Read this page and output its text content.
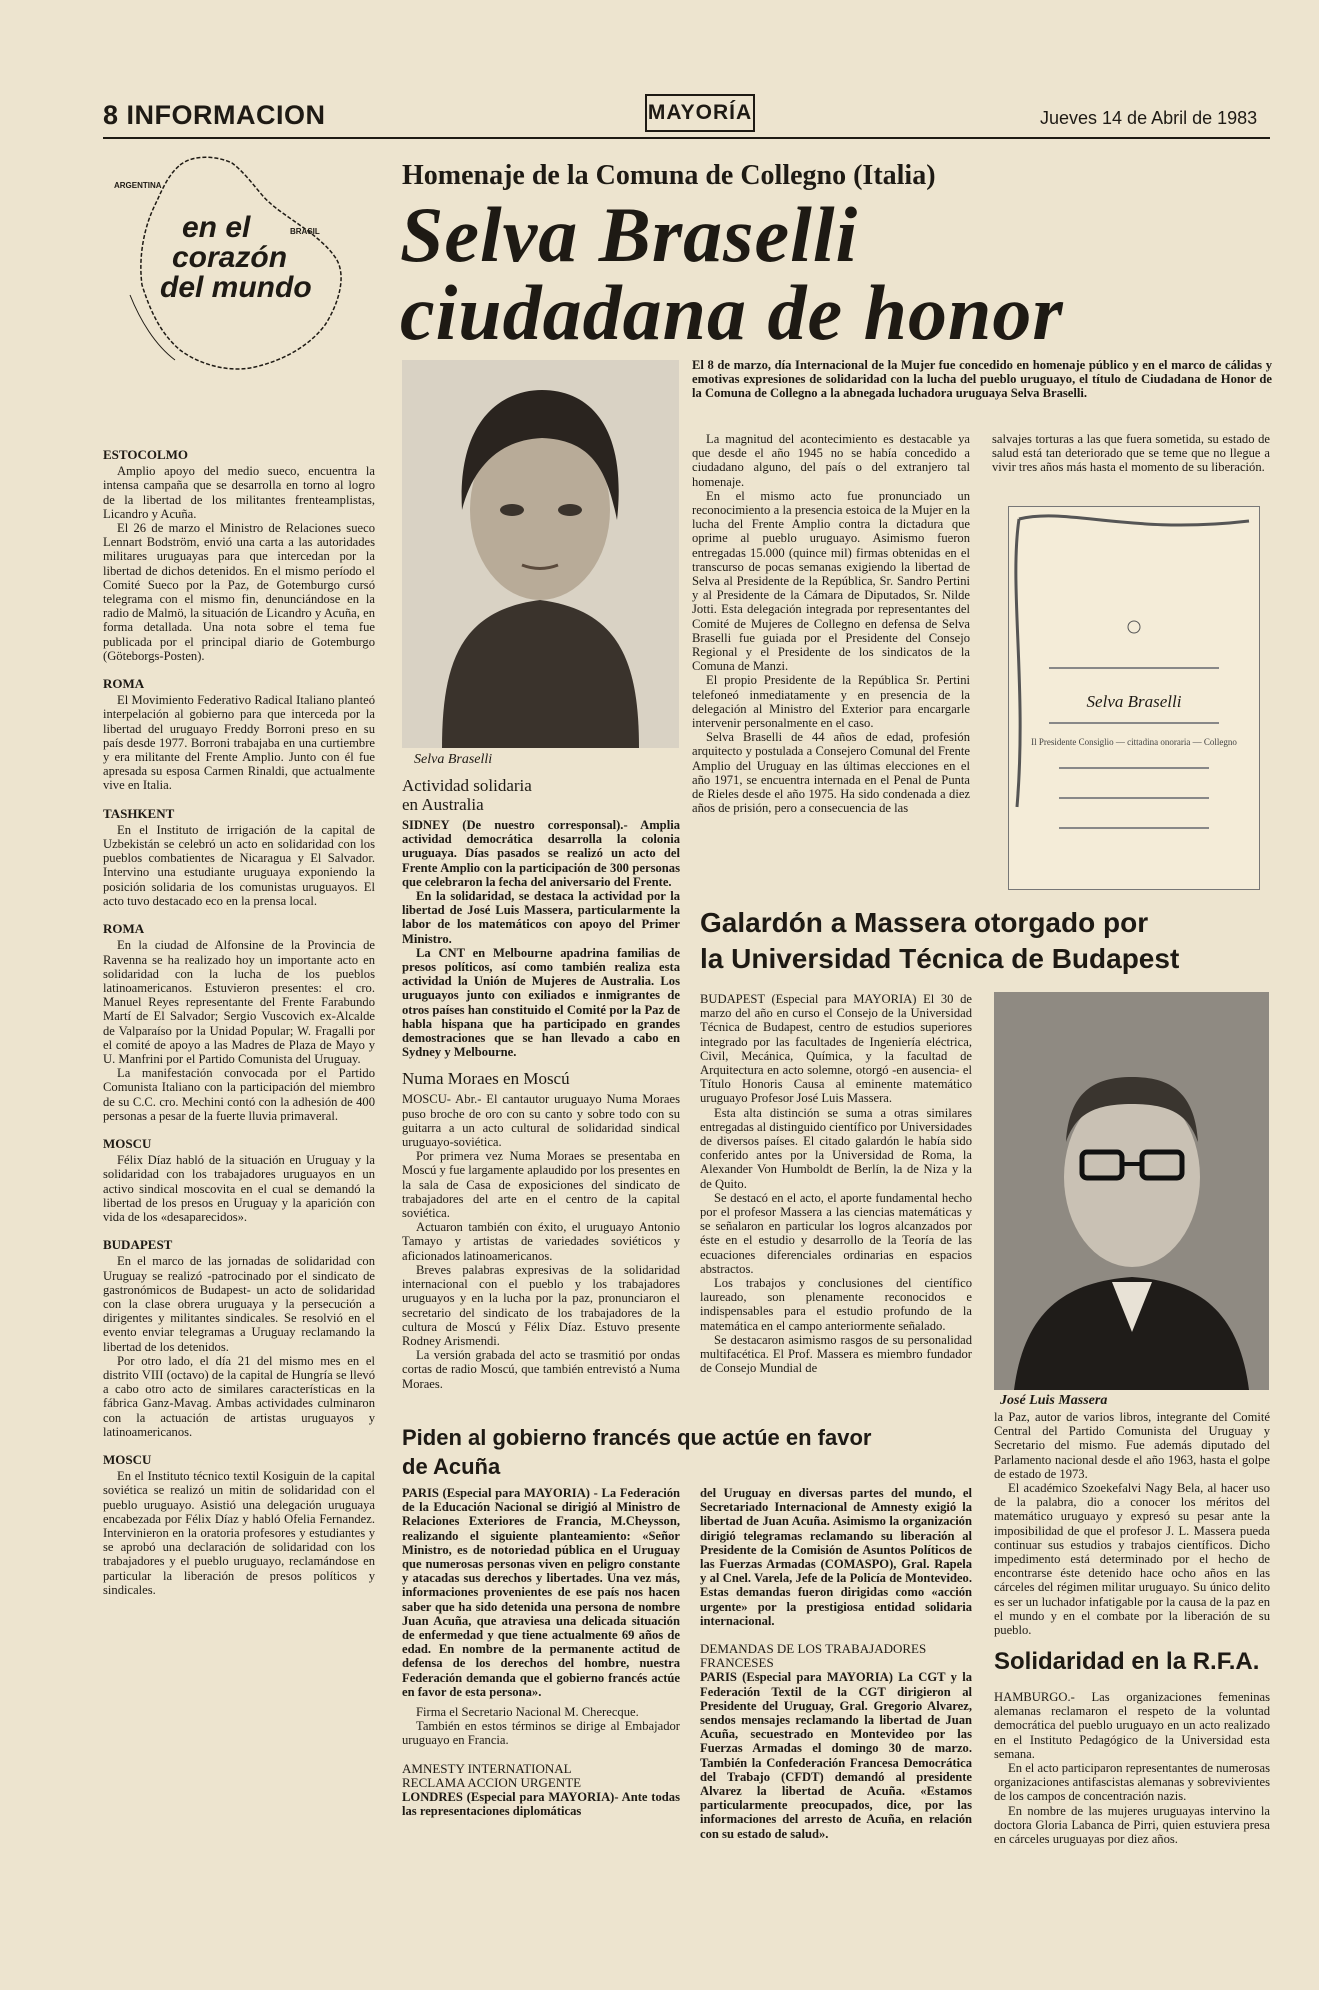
8 INFORMACION	MAYORÍA	Jueves 14 de Abril de 1983
ARGENTINA
BRASIL
en el
corazón
del mundo
Homenaje de la Comuna de Collegno (Italia)
Selva Braselli
ciudadana de honor
El 8 de marzo, día Internacional de la Mujer fue concedido en homenaje público y en el marco de cálidas y emotivas expresiones de solidaridad con la lucha del pueblo uruguayo, el título de Ciudadana de Honor de la Comuna de Collegno a la abnegada luchadora uruguaya Selva Braselli.
ESTOCOLMO

Amplio apoyo del medio sueco, encuentra la intensa campaña que se desarrolla en torno al logro de la libertad de los militantes frenteamplistas, Licandro y Acuña.

El 26 de marzo el Ministro de Relaciones sueco Lennart Bodström, envió una carta a las autoridades militares uruguayas para que intercedan por la libertad de dichos detenidos. En el mismo período el Comité Sueco por la Paz, de Gotemburgo cursó telegrama con el mismo fin, denunciándose en la radio de Malmö, la situación de Licandro y Acuña, en forma detallada. Una nota sobre el tema fue publicada por el principal diario de Gotemburgo (Göteborgs-Posten).

ROMA

El Movimiento Federativo Radical Italiano planteó interpelación al gobierno para que interceda por la libertad del uruguayo Freddy Borroni preso en su país desde 1977. Borroni trabajaba en una curtiembre y era militante del Frente Amplio. Junto con él fue apresada su esposa Carmen Rinaldi, que actualmente vive en Italia.

TASHKENT

En el Instituto de irrigación de la capital de Uzbekistán se celebró un acto en solidaridad con los pueblos combatientes de Nicaragua y El Salvador. Intervino una estudiante uruguaya exponiendo la posición solidaria de los comunistas uruguayos. El acto tuvo destacado eco en la prensa local.

ROMA

En la ciudad de Alfonsine de la Provincia de Ravenna se ha realizado hoy un importante acto en solidaridad con la lucha de los pueblos latinoamericanos. Estuvieron presentes: el cro. Manuel Reyes representante del Frente Farabundo Martí de El Salvador; Sergio Vuscovich ex-Alcalde de Valparaíso por la Unidad Popular; W. Fragalli por el comité de apoyo a las Madres de Plaza de Mayo y U. Manfrini por el Partido Comunista del Uruguay.

La manifestación convocada por el Partido Comunista Italiano con la participación del miembro de su C.C. cro. Mechini contó con la adhesión de 400 personas a pesar de la fuerte lluvia primaveral.

MOSCU

Félix Díaz habló de la situación en Uruguay y la solidaridad con los trabajadores uruguayos en un activo sindical moscovita en el cual se demandó la libertad de los presos en Uruguay y la aparición con vida de los «desaparecidos».

BUDAPEST

En el marco de las jornadas de solidaridad con Uruguay se realizó -patrocinado por el sindicato de gastronómicos de Budapest- un acto de solidaridad con la clase obrera uruguaya y la persecución a dirigentes y militantes sindicales. Se resolvió en el evento enviar telegramas a Uruguay reclamando la libertad de los detenidos.

Por otro lado, el día 21 del mismo mes en el distrito VIII (octavo) de la capital de Hungría se llevó a cabo otro acto de similares características en la fábrica Ganz-Mavag. Ambas actividades culminaron con la actuación de artistas uruguayos y latinoamericanos.

MOSCU

En el Instituto técnico textil Kosiguin de la capital soviética se realizó un mitin de solidaridad con el pueblo uruguayo. Asistió una delegación uruguaya encabezada por Félix Díaz y habló Ofelia Fernandez. Intervinieron en la oratoria profesores y estudiantes y se aprobó una declaración de solidaridad con los trabajadores y el pueblo uruguayo, reclamándose en particular la liberación de presos políticos y sindicales.

Selva Braselli
Actividad solidaria
en Australia

SIDNEY (De nuestro corresponsal).- Amplia actividad democrática desarrolla la colonia uruguaya. Días pasados se realizó un acto del Frente Amplio con la participación de 300 personas que celebraron la fecha del aniversario del Frente.

En la solidaridad, se destaca la actividad por la libertad de José Luis Massera, particularmente la labor de los matemáticos con apoyo del Primer Ministro.

La CNT en Melbourne apadrina familias de presos políticos, así como también realiza esta actividad la Unión de Mujeres de Australia. Los uruguayos junto con exiliados e inmigrantes de otros países han constituido el Comité por la Paz de habla hispana que ha participado en grandes demostraciones que se han llevado a cabo en Sydney y Melbourne.

Numa Moraes en Moscú

MOSCU- Abr.- El cantautor uruguayo Numa Moraes puso broche de oro con su canto y sobre todo con su guitarra a un acto cultural de solidaridad sindical uruguayo-soviética.

Por primera vez Numa Moraes se presentaba en Moscú y fue largamente aplaudido por los presentes en la sala de Casa de exposiciones del sindicato de trabajadores del arte en el centro de la capital soviética.

Actuaron también con éxito, el uruguayo Antonio Tamayo y artistas de variedades soviéticos y aficionados latinoamericanos.

Breves palabras expresivas de la solidaridad internacional con el pueblo y los trabajadores uruguayos y en la lucha por la paz, pronunciaron el secretario del sindicato de los trabajadores de la cultura de Moscú y Félix Díaz. Estuvo presente Rodney Arismendi.

La versión grabada del acto se trasmitió por ondas cortas de radio Moscú, que también entrevistó a Numa Moraes.

La magnitud del acontecimiento es destacable ya que desde el año 1945 no se había concedido a ciudadano alguno, del país o del extranjero tal homenaje.

En el mismo acto fue pronunciado un reconocimiento a la presencia estoica de la Mujer en la lucha del Frente Amplio contra la dictadura que oprime al pueblo uruguayo. Asimismo fueron entregadas 15.000 (quince mil) firmas obtenidas en el transcurso de pocas semanas exigiendo la libertad de Selva al Presidente de la República, Sr. Sandro Pertini y al Presidente de la Cámara de Diputados, Sr. Nilde Jotti. Esta delegación integrada por representantes del Comité de Mujeres de Collegno en defensa de Selva Braselli fue guiada por el Presidente del Consejo Regional y el Presidente de los sindicatos de la Comuna de Manzi.

El propio Presidente de la República Sr. Pertini telefoneó inmediatamente y en presencia de la delegación al Ministro del Exterior para encargarle intervenir personalmente en el caso.

Selva Braselli de 44 años de edad, profesión arquitecto y postulada a Consejero Comunal del Frente Amplio del Uruguay en las últimas elecciones en el año 1971, se encuentra internada en el Penal de Punta de Rieles desde el año 1975. Ha sido condenada a diez años de prisión, pero a consecuencia de las

salvajes torturas a las que fuera sometida, su estado de salud está tan deteriorado que se teme que no llegue a vivir tres años más hasta el momento de su liberación.

Selva Braselli
Il Presidente Consiglio — cittadina onoraria — Collegno
Galardón a Massera otorgado por
la Universidad Técnica de Budapest

BUDAPEST (Especial para MAYORIA) El 30 de marzo del año en curso el Consejo de la Universidad Técnica de Budapest, centro de estudios superiores integrado por las facultades de Ingeniería eléctrica, Civil, Mecánica, Química, y la facultad de Arquitectura en acto solemne, otorgó -en ausencia- el Título Honoris Causa al eminente matemático uruguayo Profesor José Luis Massera.

Esta alta distinción se suma a otras similares entregadas al distinguido científico por Universidades de diversos países. El citado galardón le había sido conferido antes por la Universidad de Roma, la Alexander Von Humboldt de Berlín, la de Niza y la de Quito.

Se destacó en el acto, el aporte fundamental hecho por el profesor Massera a las ciencias matemáticas y se señalaron en particular los logros alcanzados por éste en el estudio y desarrollo de la Teoría de las ecuaciones diferenciales ordinarias en espacios abstractos.

Los trabajos y conclusiones del científico laureado, son plenamente reconocidos e indispensables para el estudio profundo de la matemática en el campo anteriormente señalado.

Se destacaron asimismo rasgos de su personalidad multifacética. El Prof. Massera es miembro fundador de Consejo Mundial de

José Luis Massera

la Paz, autor de varios libros, integrante del Comité Central del Partido Comunista del Uruguay y Secretario del mismo. Fue además diputado del Parlamento nacional desde el año 1963, hasta el golpe de estado de 1973.

El académico Szoekefalvi Nagy Bela, al hacer uso de la palabra, dio a conocer los méritos del matemático uruguayo y expresó su pesar ante la imposibilidad de que el profesor J. L. Massera pueda continuar sus estudios y trabajos científicos. Dicho impedimento está determinado por el hecho de encontrarse éste detenido hace ocho años en las cárceles del régimen militar uruguayo. Su único delito es ser un luchador infatigable por la causa de la paz en el mundo y en el combate por la liberación de su pueblo.

Piden al gobierno francés que actúe en favor
de Acuña

PARIS (Especial para MAYORIA) - La Federación de la Educación Nacional se dirigió al Ministro de Relaciones Exteriores de Francia, M.Cheysson, realizando el siguiente planteamiento: «Señor Ministro, es de notoriedad pública en el Uruguay que numerosas personas viven en peligro constante y atacadas sus derechos y libertades. Una vez más, informaciones provenientes de ese país nos hacen saber que ha sido detenida una persona de nombre Juan Acuña, que atraviesa una delicada situación de enfermedad y que tiene actualmente 69 años de edad. En nombre de la permanente actitud de defensa de los derechos del hombre, nuestra Federación demanda que el gobierno francés actúe en favor de esta persona».

Firma el Secretario Nacional M. Cherecque.

También en estos términos se dirige al Embajador uruguayo en Francia.

AMNESTY INTERNATIONAL
RECLAMA ACCION URGENTE

LONDRES (Especial para MAYORIA)- Ante todas las representaciones diplomáticas

del Uruguay en diversas partes del mundo, el Secretariado Internacional de Amnesty exigió la libertad de Juan Acuña. Asimismo la organización dirigió telegramas reclamando su liberación al Presidente de la Comisión de Asuntos Políticos de las Fuerzas Armadas (COMASPO), Gral. Rapela y al Cnel. Varela, Jefe de la Policía de Montevideo. Estas demandas fueron dirigidas como «acción urgente» por la prestigiosa entidad solidaria internacional.

DEMANDAS DE LOS TRABAJADORES
FRANCESES

PARIS (Especial para MAYORIA) La CGT y la Federación Textil de la CGT dirigieron al Presidente del Uruguay, Gral. Gregorio Alvarez, sendos mensajes reclamando la libertad de Juan Acuña, secuestrado en Montevideo por las Fuerzas Armadas el domingo 30 de marzo. También la Confederación Francesa Democrática del Trabajo (CFDT) demandó al presidente Alvarez la libertad de Acuña. «Estamos particularmente preocupados, dice, por las informaciones del arresto de Acuña, en relación con su estado de salud».

Solidaridad en la R.F.A.

HAMBURGO.- Las organizaciones femeninas alemanas reclamaron el respeto de la voluntad democrática del pueblo uruguayo en un acto realizado en el Instituto Pedagógico de la Universidad esta semana.

En el acto participaron representantes de numerosas organizaciones antifascistas alemanas y sobrevivientes de los campos de concentración nazis.

En nombre de las mujeres uruguayas intervino la doctora Gloria Labanca de Pirri, quien estuviera presa en cárceles uruguayas por diez años.
